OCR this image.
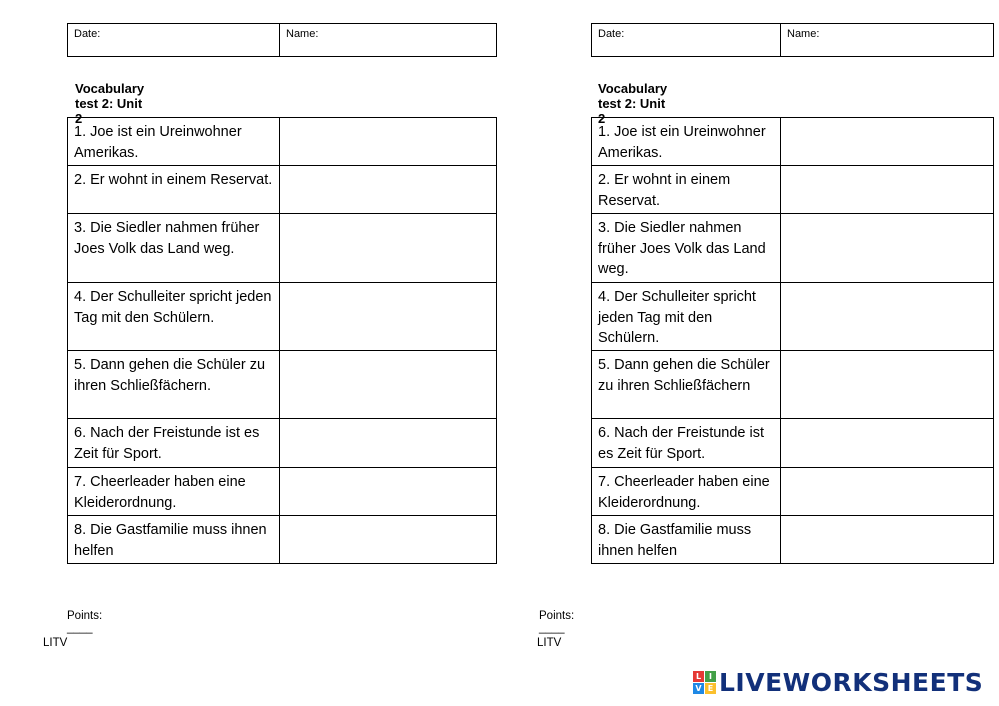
Date:	Name:
Vocabulary test 2: Unit 2
1. Joe ist ein Ureinwohner Amerikas.	
2. Er wohnt in einem Reservat.	
3. Die Siedler nahmen früher Joes Volk das Land weg.	
4. Der Schulleiter spricht jeden Tag mit den Schülern.	
5. Dann gehen die Schüler zu ihren Schließfächern.	
6. Nach der Freistunde ist es Zeit für Sport.	
7. Cheerleader haben eine Kleiderordnung.	
8. Die Gastfamilie muss ihnen helfen	
Points: ____
LITV
Date:	Name:
Vocabulary test 2: Unit 2
1. Joe ist ein Ureinwohner Amerikas.	
2. Er wohnt in einem Reservat.	
3. Die Siedler nahmen früher Joes Volk das Land weg.	
4. Der Schulleiter spricht jeden Tag mit den Schülern.	
5. Dann gehen die Schüler zu ihren Schließfächern	
6. Nach der Freistunde ist es Zeit für Sport.	
7. Cheerleader haben eine Kleiderordnung.	
8. Die Gastfamilie muss ihnen helfen	
Points: ____
LITV
L I
V E LIVEWORKSHEETS
